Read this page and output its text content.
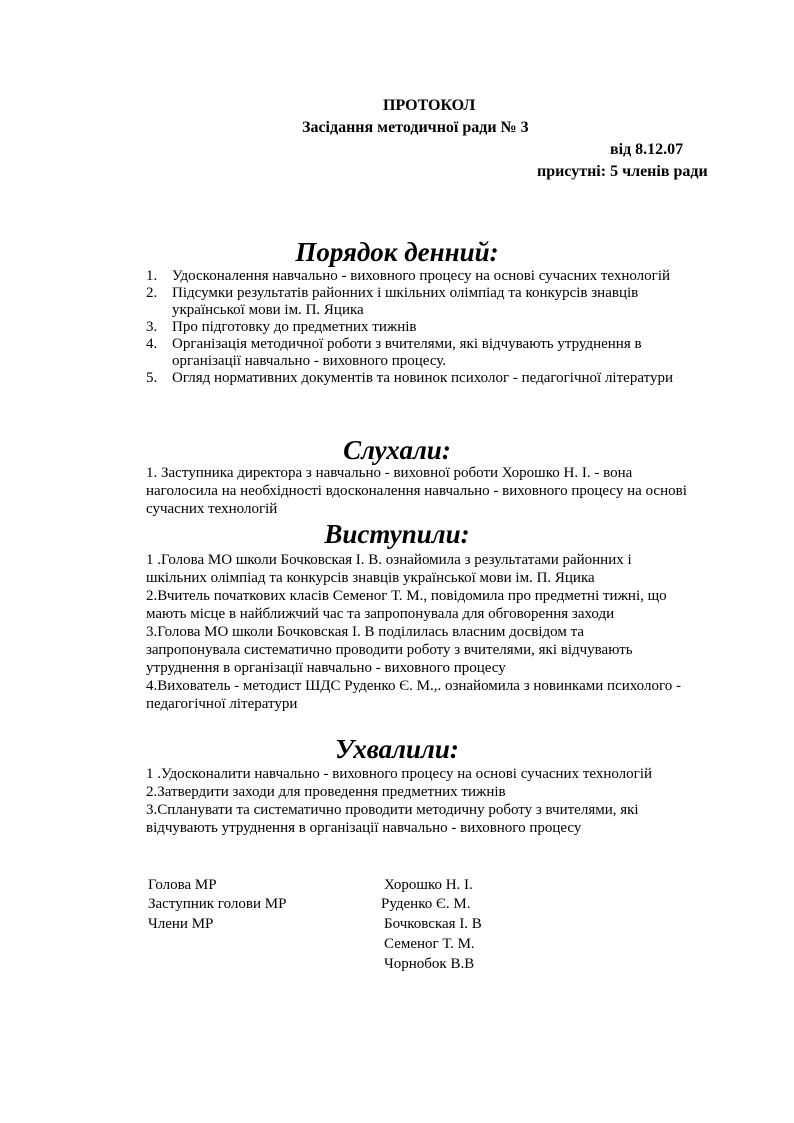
ПРОТОКОЛ
Засідання методичної ради № 3
від 8.12.07
присутні: 5 членів ради
Порядок денний:
1. Удосконалення навчально - виховного процесу на основі сучасних технологій
2. Підсумки результатів районних і шкільних олімпіад та конкурсів знавців
української мови ім. П. Яцика
3. Про підготовку до предметних тижнів
4. Організація методичної роботи з вчителями, які відчувають утруднення в
організації навчально - виховного процесу.
5. Огляд нормативних документів та новинок психолог - педагогічної літератури
Слухали:
1. Заступника директора з навчально - виховної роботи Хорошко Н. І. - вона
наголосила на необхідності вдосконалення навчально - виховного процесу на основі
сучасних технологій
Виступили:
1 .Голова МО школи Бочковская І. В. ознайомила з результатами районних і
шкільних олімпіад та конкурсів знавців української мови ім. П. Яцика
2.Вчитель початкових класів Семеног Т. М., повідомила про предметні тижні, що
мають місце в найближчий час та запропонувала для обговорення заходи
3.Голова МО школи Бочковская І. В поділилась власним досвідом та
запропонувала систематично проводити роботу з вчителями, які відчувають
утруднення в організації навчально - виховного процесу
4.Вихователь - методист ШДС Руденко Є. М.,. ознайомила з новинками психолого -
педагогічної літератури
Ухвалили:
1 .Удосконалити навчально - виховного процесу на основі сучасних технологій
2.Затвердити заходи для проведення предметних тижнів
3.Спланувати та систематично проводити методичну роботу з вчителями, які
відчувають утруднення в організації навчально - виховного процесу
Голова МР
Заступник голови МР
Члени МР
Хорошко Н. І.
Руденко Є. М.
Бочковская І. В
Семеног Т. М.
Чорнобок В.В
